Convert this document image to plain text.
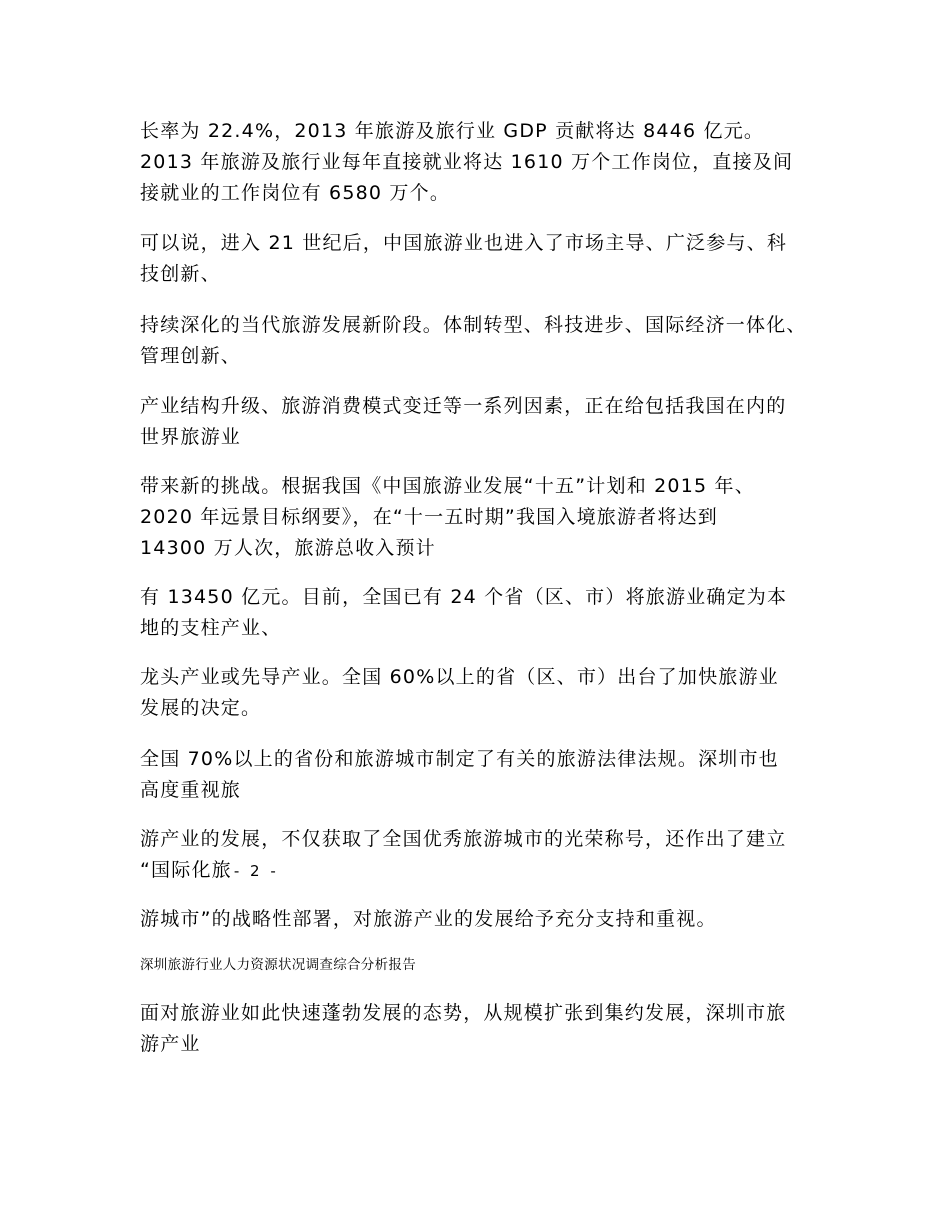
长率为 22.4%，2013 年旅游及旅行业 GDP 贡献将达 8446 亿元。
2013 年旅游及旅行业每年直接就业将达 1610 万个工作岗位，直接及间
接就业的工作岗位有 6580 万个。
可以说，进入 21 世纪后，中国旅游业也进入了市场主导、广泛参与、科
技创新、
持续深化的当代旅游发展新阶段。体制转型、科技进步、国际经济一体化、
管理创新、
产业结构升级、旅游消费模式变迁等一系列因素，正在给包括我国在内的
世界旅游业
带来新的挑战。根据我国《中国旅游业发展“十五”计划和 2015 年、
2020 年远景目标纲要》，在“十一五时期”我国入境旅游者将达到
14300 万人次，旅游总收入预计
有 13450 亿元。目前，全国已有 24 个省（区、市）将旅游业确定为本
地的支柱产业、
龙头产业或先导产业。全国 60%以上的省（区、市）出台了加快旅游业
发展的决定。
全国 70%以上的省份和旅游城市制定了有关的旅游法律法规。深圳市也
高度重视旅
游产业的发展，不仅获取了全国优秀旅游城市的光荣称号，还作出了建立
“国际化旅 - 2 -
游城市”的战略性部署，对旅游产业的发展给予充分支持和重视。
深圳旅游行业人力资源状况调查综合分析报告
面对旅游业如此快速蓬勃发展的态势，从规模扩张到集约发展，深圳市旅
游产业
